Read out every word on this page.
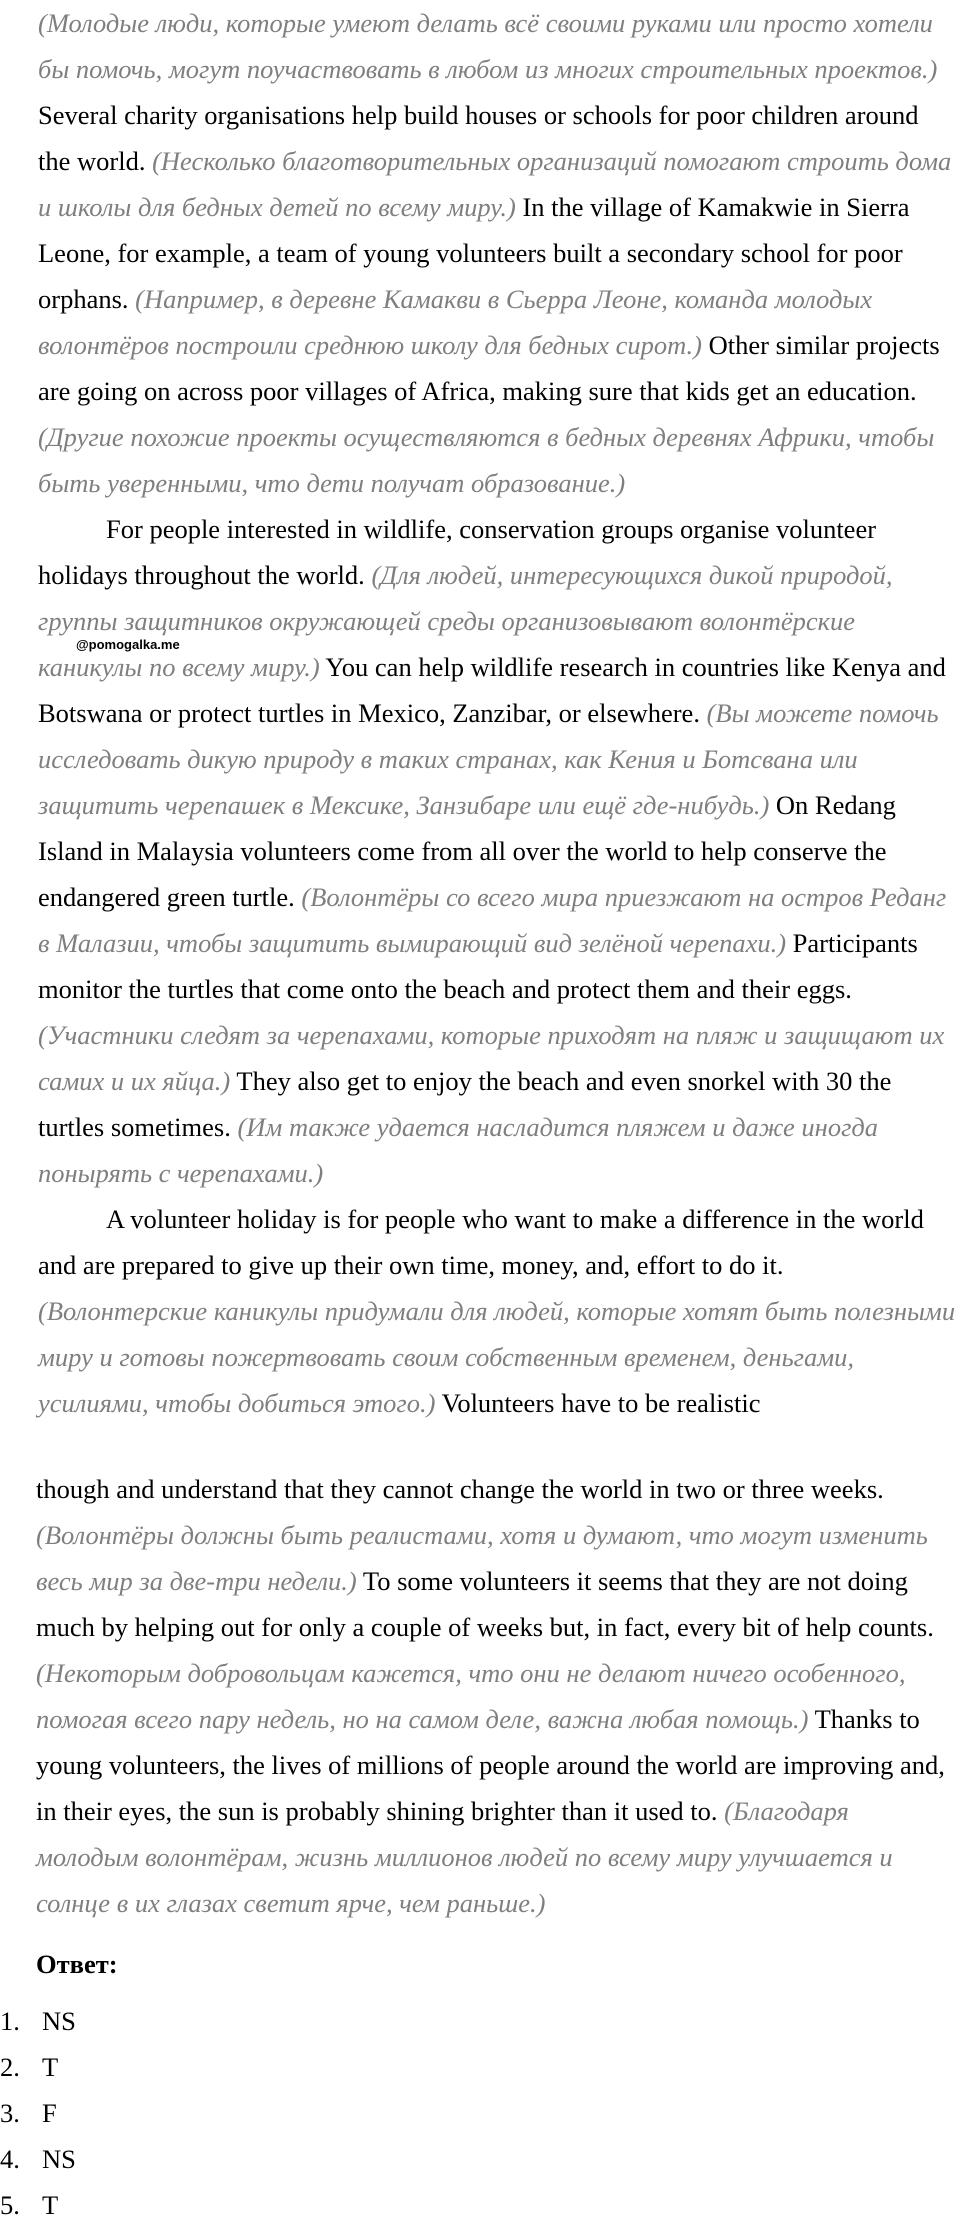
(Молодые люди, которые умеют делать всё своими руками или просто хотели бы помочь, могут поучаствовать в любом из многих строительных проектов.) Several charity organisations help build houses or schools for poor children around the world. (Несколько благотворительных организаций помогают строить дома и школы для бедных детей по всему миру.) In the village of Kamakwie in Sierra Leone, for example, a team of young volunteers built a secondary school for poor orphans. (Например, в деревне Камакви в Сьерра Леоне, команда молодых волонтёров построили среднюю школу для бедных сирот.) Other similar projects are going on across poor villages of Africa, making sure that kids get an education. (Другие похожие проекты осуществляются в бедных деревнях Африки, чтобы быть уверенными, что дети получат образование.)

For people interested in wildlife, conservation groups organise volunteer holidays throughout the world. (Для людей, интересующихся дикой природой, группы защитников окружающей среды организовывают волонтёрские каникулы по всему миру.) You can help wildlife research in countries like Kenya and Botswana or protect turtles in Mexico, Zanzibar, or elsewhere. (Вы можете помочь исследовать дикую природу в таких странах, как Кения и Ботсвана или защитить черепашек в Мексике, Занзибаре или ещё где-нибудь.) On Redang Island in Malaysia volunteers come from all over the world to help conserve the endangered green turtle. (Волонтёры со всего мира приезжают на остров Реданг в Малазии, чтобы защитить вымирающий вид зелёной черепахи.) Participants monitor the turtles that come onto the beach and protect them and their eggs. (Участники следят за черепахами, которые приходят на пляж и защищают их самих и их яйца.) They also get to enjoy the beach and even snorkel with 30 the turtles sometimes. (Им также удается насладится пляжем и даже иногда понырять с черепахами.)

@pomogalka.me

A volunteer holiday is for people who want to make a difference in the world and are prepared to give up their own time, money, and, effort to do it. (Волонтерские каникулы придумали для людей, которые хотят быть полезными миру и готовы пожертвовать своим собственным временем, деньгами, усилиями, чтобы добиться этого.) Volunteers have to be realistic

though and understand that they cannot change the world in two or three weeks. (Волонтёры должны быть реалистами, хотя и думают, что могут изменить весь мир за две-три недели.) To some volunteers it seems that they are not doing much by helping out for only a couple of weeks but, in fact, every bit of help counts. (Некоторым добровольцам кажется, что они не делают ничего особенного, помогая всего пару недель, но на самом деле, важна любая помощь.) Thanks to young volunteers, the lives of millions of people around the world are improving and, in their eyes, the sun is probably shining brighter than it used to. (Благодаря молодым волонтёрам, жизнь миллионов людей по всему миру улучшается и солнце в их глазах светит ярче, чем раньше.)

Ответ:
1. NS
2. T
3. F
4. NS
5. T
